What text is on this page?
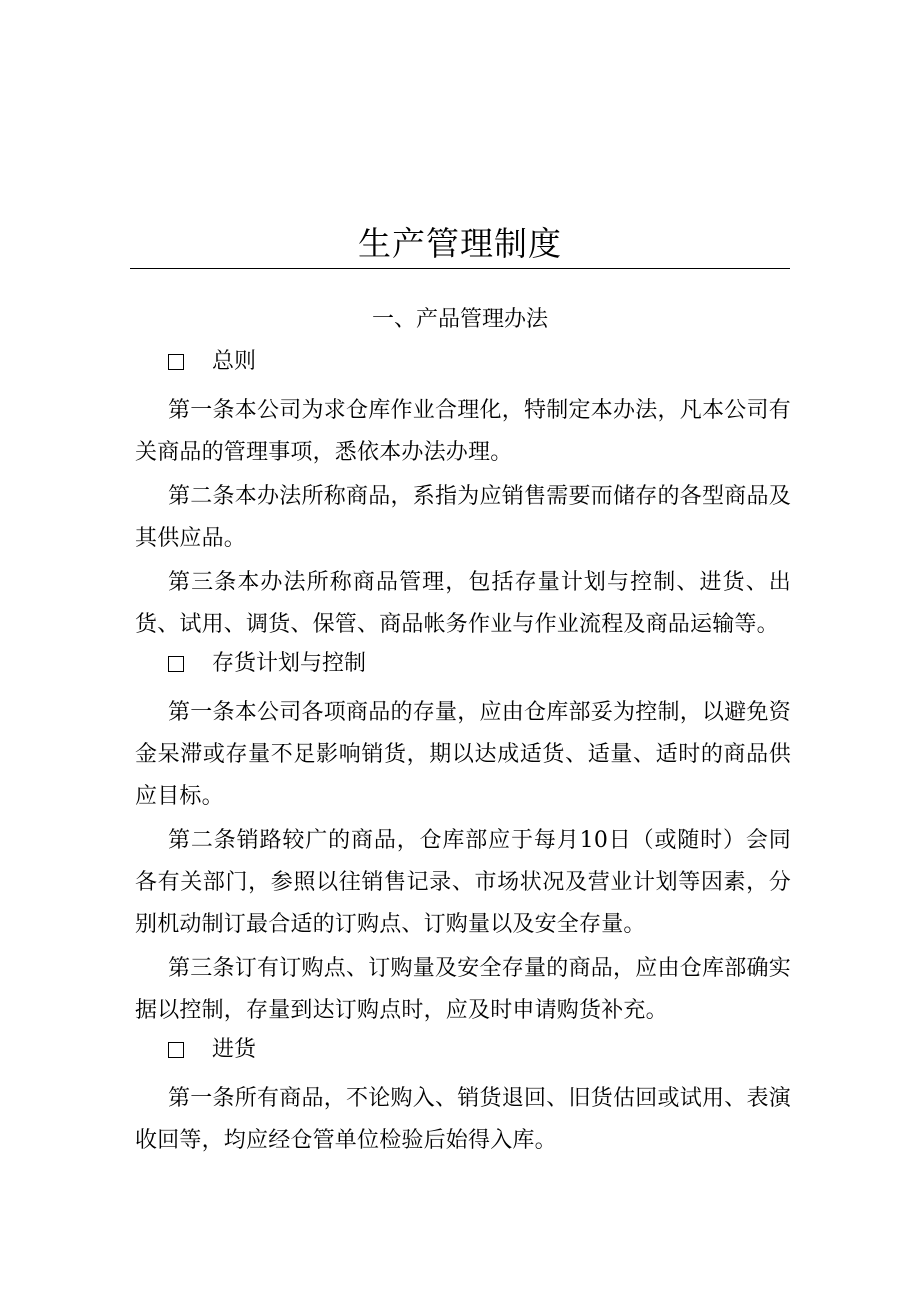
生产管理制度
一、产品管理办法
总则

第一条本公司为求仓库作业合理化，特制定本办法，凡本公司有关商品的管理事项，悉依本办法办理。

第二条本办法所称商品，系指为应销售需要而储存的各型商品及其供应品。

第三条本办法所称商品管理，包括存量计划与控制、进货、出货、试用、调货、保管、商品帐务作业与作业流程及商品运输等。

存货计划与控制

第一条本公司各项商品的存量，应由仓库部妥为控制，以避免资金呆滞或存量不足影响销货，期以达成适货、适量、适时的商品供应目标。

第二条销路较广的商品，仓库部应于每月10日（或随时）会同各有关部门，参照以往销售记录、市场状况及营业计划等因素，分别机动制订最合适的订购点、订购量以及安全存量。

第三条订有订购点、订购量及安全存量的商品，应由仓库部确实据以控制，存量到达订购点时，应及时申请购货补充。

进货

第一条所有商品，不论购入、销货退回、旧货估回或试用、表演收回等，均应经仓管单位检验后始得入库。
